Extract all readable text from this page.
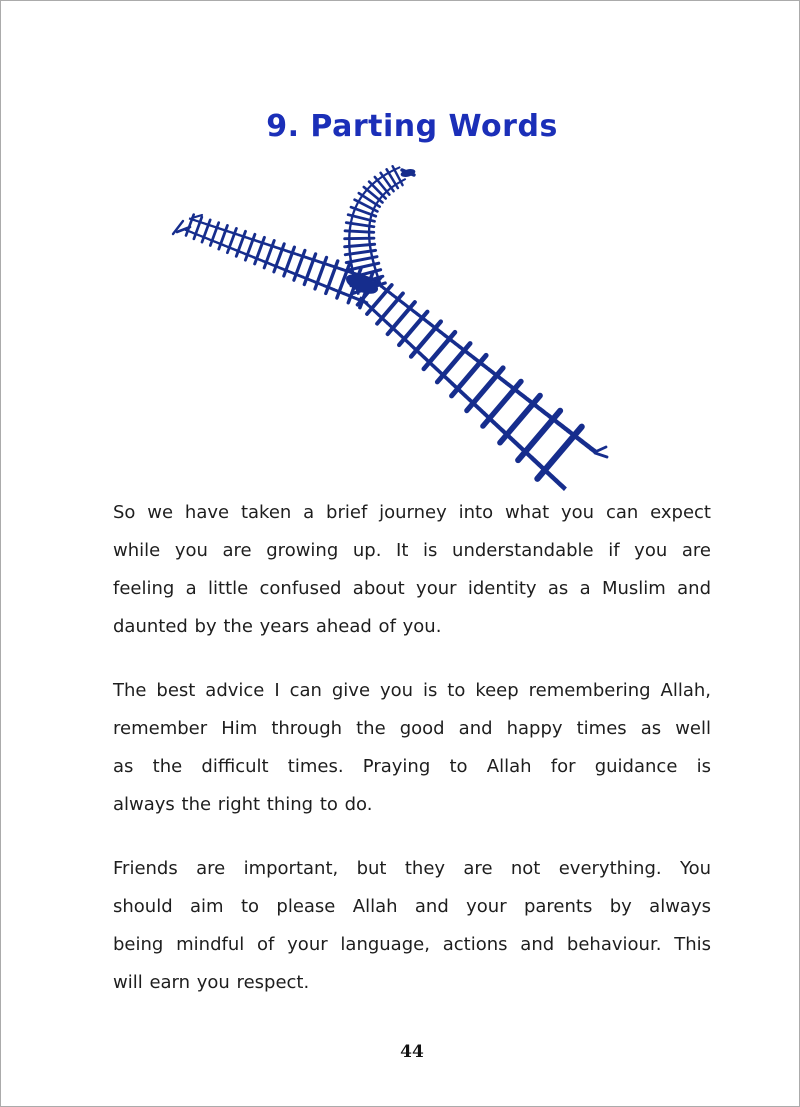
9. Parting Words
So we have taken a brief journey into what you can expect
while you are growing up. It is understandable if you are
feeling a little confused about your identity as a Muslim and
daunted by the years ahead of you.
The best advice I can give you is to keep remembering Allah,
remember Him through the good and happy times as well
as the difficult times. Praying to Allah for guidance is
always the right thing to do.
Friends are important, but they are not everything. You
should aim to please Allah and your parents by always
being mindful of your language, actions and behaviour. This
will earn you respect.
44
